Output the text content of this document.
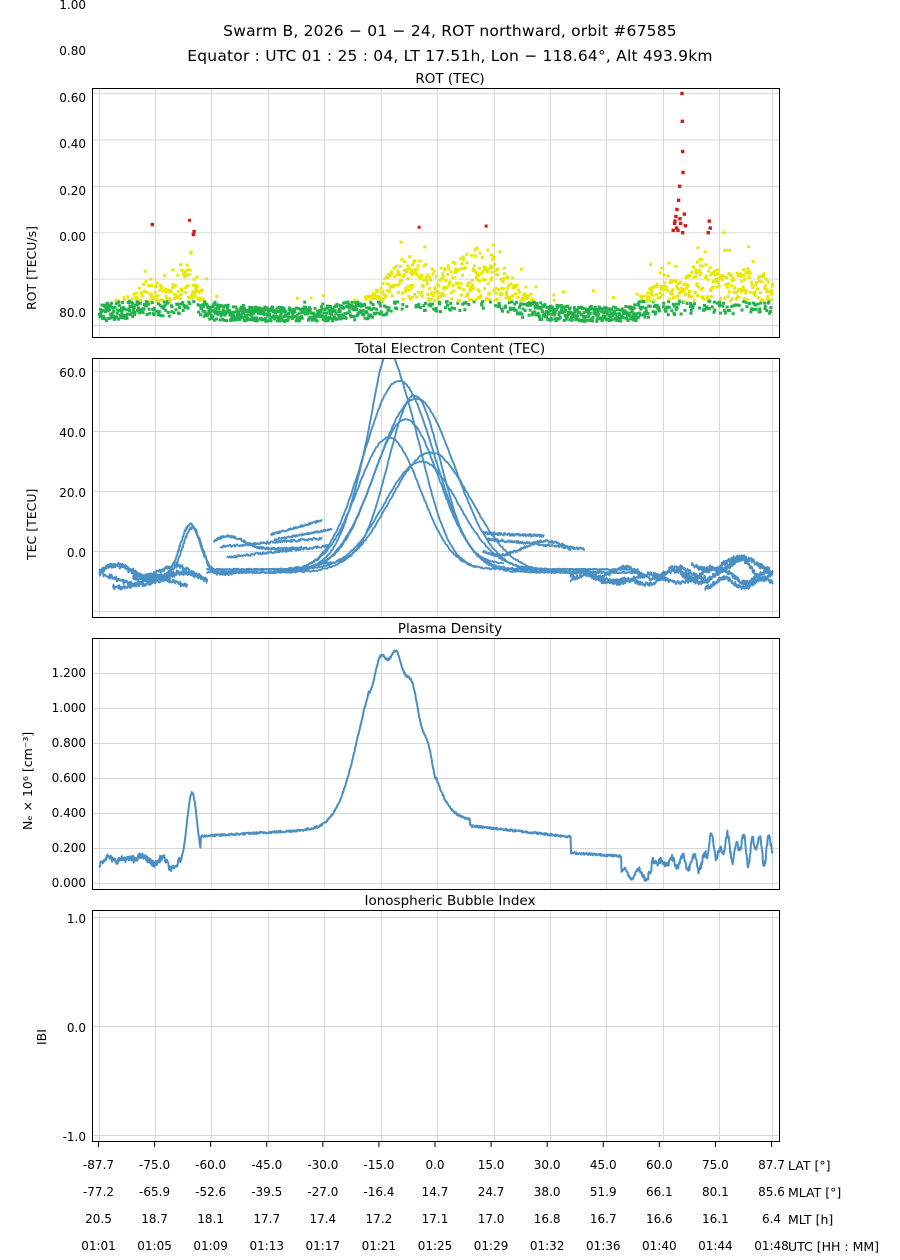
Swarm B, 2026 − 01 − 24, ROT northward, orbit #67585
Equator : UTC 01 : 25 : 04, LT 17.51h, Lon − 118.64°, Alt 493.9km
ROT (TEC)
ROT [TECU/s]	0.00
0.20
0.40
0.60
0.80
1.00
Total Electron Content (TEC)
TEC [TECU]	0.0
20.0
40.0
60.0
80.0
Plasma Density
Nₑ × 10⁶ [cm⁻³]
0.000
0.200
0.400
0.600
0.800
1.000
1.200
Ionospheric Bubble Index
IBI
-1.0
0.0
1.0
-87.7	-75.0	-60.0	-45.0	-30.0	-15.0	0.0	15.0	30.0	45.0	60.0	75.0	87.7
-77.2	-65.9	-52.6	-39.5	-27.0	-16.4	14.7	24.7	38.0	51.9	66.1	80.1	85.6
20.5	18.7	18.1	17.7	17.4	17.2	17.1	17.0	16.8	16.7	16.6	16.1	6.4
01:01	01:05	01:09	01:13	01:17	01:21	01:25	01:29	01:32	01:36	01:40	01:44	01:48
LAT [°]
MLAT [°]
MLT [h]
UTC [HH : MM]
